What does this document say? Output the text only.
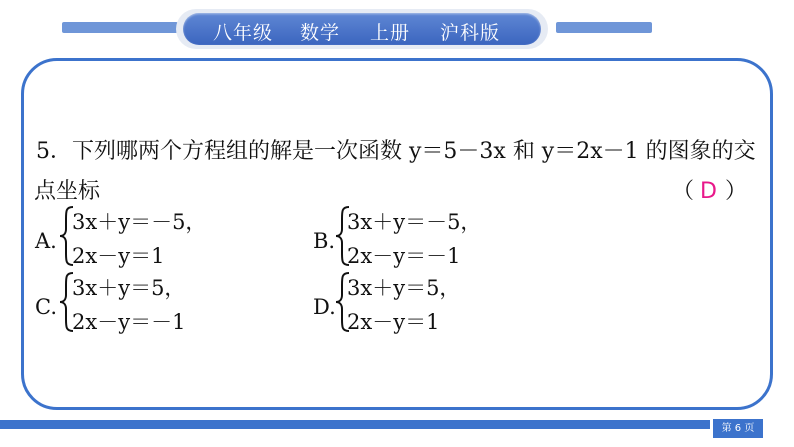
八年级 数学 上册 沪科版
5．下列哪两个方程组的解是一次函数 y＝5－3x 和 y＝2x－1 的图象的交
点坐标	（ D ）
A.
3x＋y＝－5，
2x－y＝1
B.
3x＋y＝－5，
2x－y＝－1
C.
3x＋y＝5，
2x－y＝－1
D.
3x＋y＝5，
2x－y＝1
第 6 页
